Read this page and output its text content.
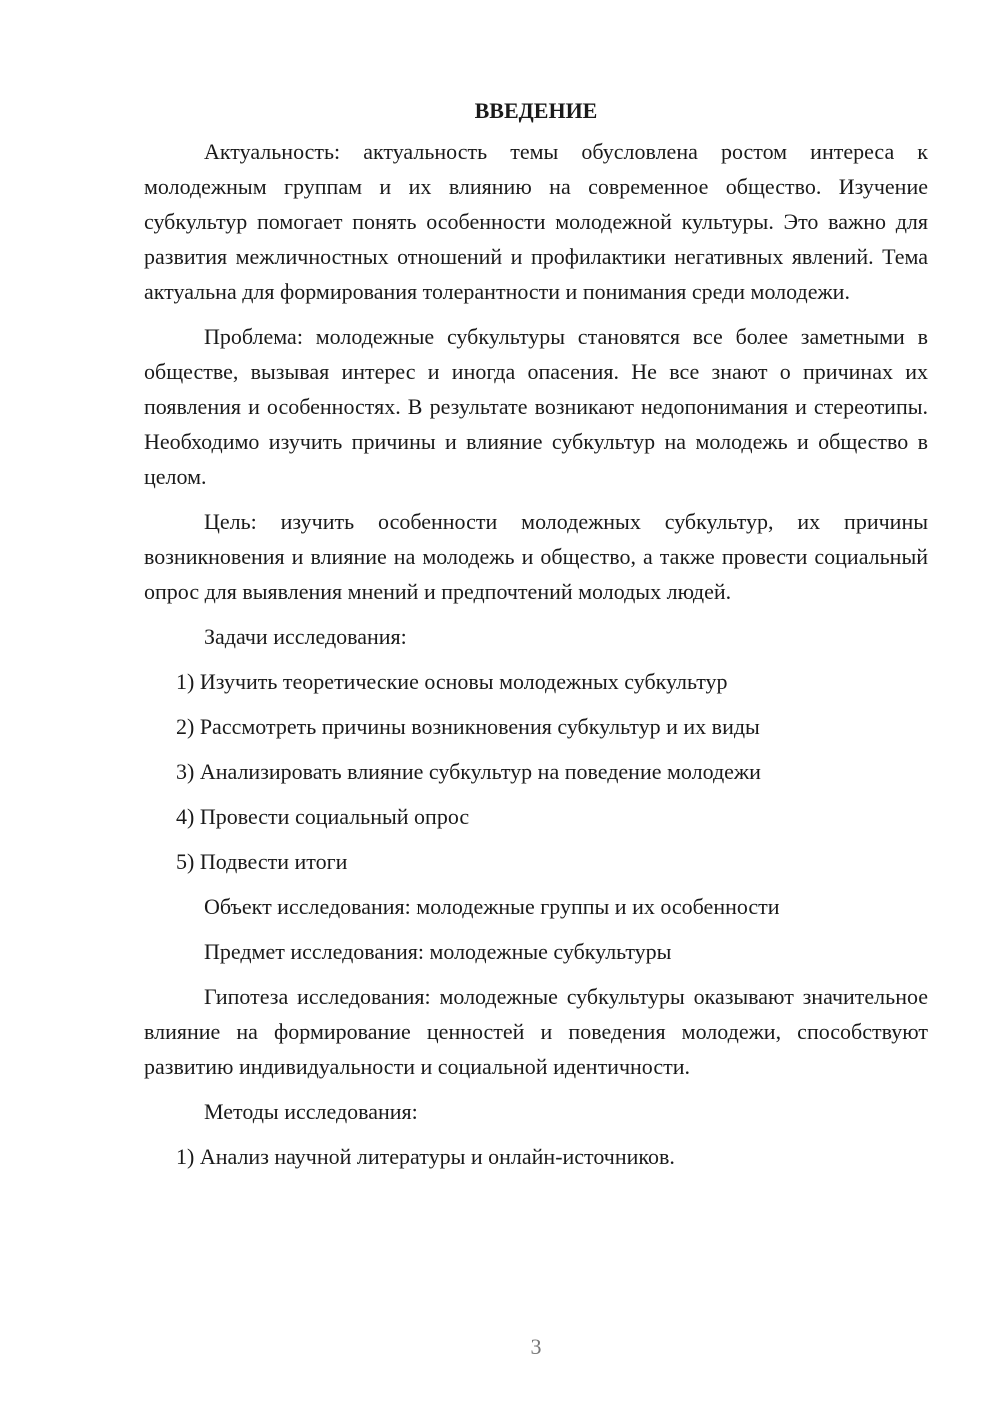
ВВЕДЕНИЕ

Актуальность: актуальность темы обусловлена ростом интереса к молодежным группам и их влиянию на современное общество. Изучение субкультур помогает понять особенности молодежной культуры. Это важно для развития межличностных отношений и профилактики негативных явлений. Тема актуальна для формирования толерантности и понимания среди молодежи.

Проблема: молодежные субкультуры становятся все более заметными в обществе, вызывая интерес и иногда опасения. Не все знают о причинах их появления и особенностях. В результате возникают недопонимания и стереотипы. Необходимо изучить причины и влияние субкультур на молодежь и общество в целом.

Цель: изучить особенности молодежных субкультур, их причины возникновения и влияние на молодежь и общество, а также провести социальный опрос для выявления мнений и предпочтений молодых людей.

Задачи исследования:
1) Изучить теоретические основы молодежных субкультур
2) Рассмотреть причины возникновения субкультур и их виды
3) Анализировать влияние субкультур на поведение молодежи
4) Провести социальный опрос
5) Подвести итоги
Объект исследования: молодежные группы и их особенности
Предмет исследования: молодежные субкультуры

Гипотеза исследования: молодежные субкультуры оказывают значительное влияние на формирование ценностей и поведения молодежи, способствуют развитию индивидуальности и социальной идентичности.

Методы исследования:
1) Анализ научной литературы и онлайн-источников.
3
